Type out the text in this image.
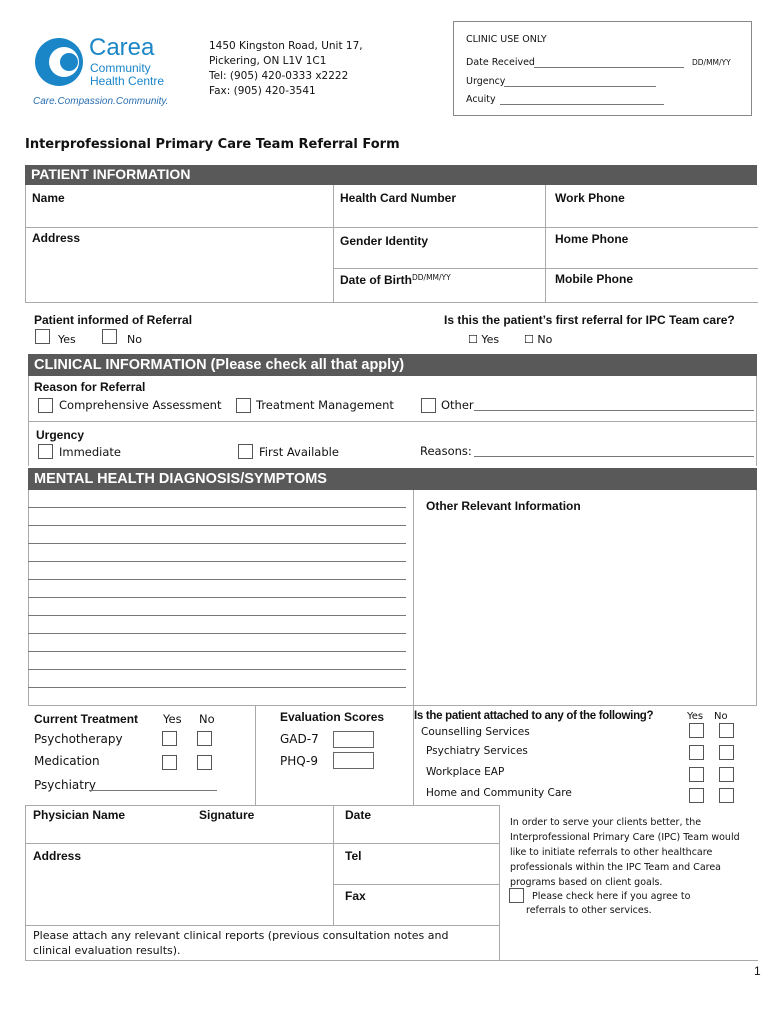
Carea
Community
Health Centre
Care.Compassion.Community.
1450 Kingston Road, Unit 17,
Pickering, ON L1V 1C1
Tel: (905) 420-0333 x2222
Fax: (905) 420-3541
CLINIC USE ONLY
Date Received	DD/MM/YY
Urgency
Acuity
Interprofessional Primary Care Team Referral Form
PATIENT INFORMATION
Name	Health Card Number	Work Phone
Address	Gender Identity	Home Phone
Date of Birth DD/MM/YY	Mobile Phone
Patient informed of Referral
Yes	No
Is this the patient’s first referral for IPC Team care?
☐ Yes ☐ No
CLINICAL INFORMATION (Please check all that apply)
Reason for Referral
Comprehensive Assessment	Treatment Management	Other
Urgency
Immediate	First Available	Reasons:
MENTAL HEALTH DIAGNOSIS/SYMPTOMS
Other Relevant Information
Current Treatment Yes No
Psychotherapy
Medication
Psychiatry
Evaluation Scores
GAD-7
PHQ-9
Is the patient attached to any of the following?	Yes No
Counselling Services
Psychiatry Services
Workplace EAP
Home and Community Care
Physician Name	Signature	Date
Address	Tel
Fax
Please attach any relevant clinical reports (previous consultation notes and
clinical evaluation results).
In order to serve your clients better, the
Interprofessional Primary Care (IPC) Team would
like to initiate referrals to other healthcare
professionals within the IPC Team and Carea
programs based on client goals.
Please check here if you agree to
referrals to other services.
1
